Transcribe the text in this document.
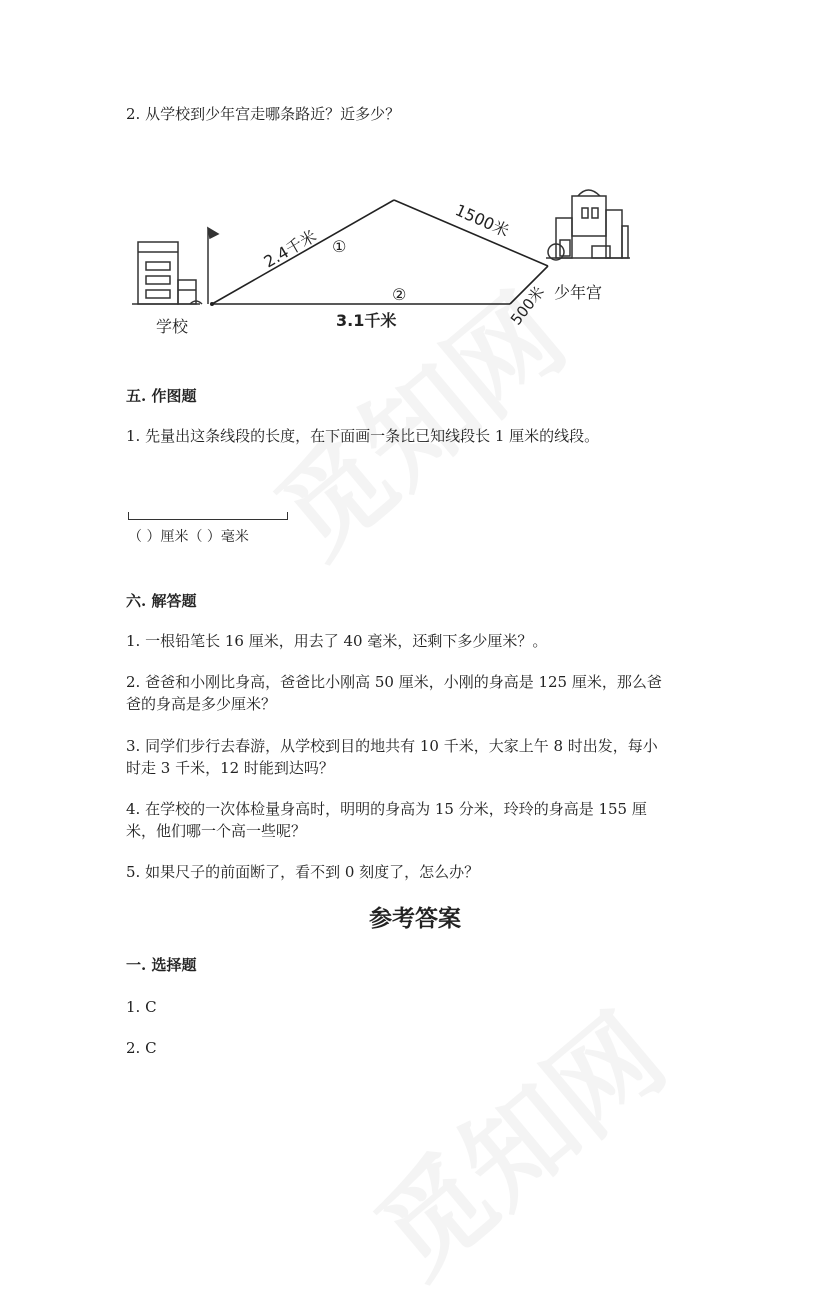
2. 从学校到少年宫走哪条路近？近多少？
学校
少年宫
2.4千米
1500米
①
②
3.1千米	500米
五. 作图题
1. 先量出这条线段的长度，在下面画一条比已知线段长 1 厘米的线段。
（ ）厘米（ ）毫米
六. 解答题
1. 一根铅笔长 16 厘米，用去了 40 毫米，还剩下多少厘米？。
2. 爸爸和小刚比身高，爸爸比小刚高 50 厘米，小刚的身高是 125 厘米，那么爸
爸的身高是多少厘米？
3. 同学们步行去春游，从学校到目的地共有 10 千米，大家上午 8 时出发，每小
时走 3 千米，12 时能到达吗？
4. 在学校的一次体检量身高时，明明的身高为 15 分米，玲玲的身高是 155 厘
米，他们哪一个高一些呢？
5. 如果尺子的前面断了，看不到 0 刻度了，怎么办？
参考答案
一. 选择题
1. C
2. C
